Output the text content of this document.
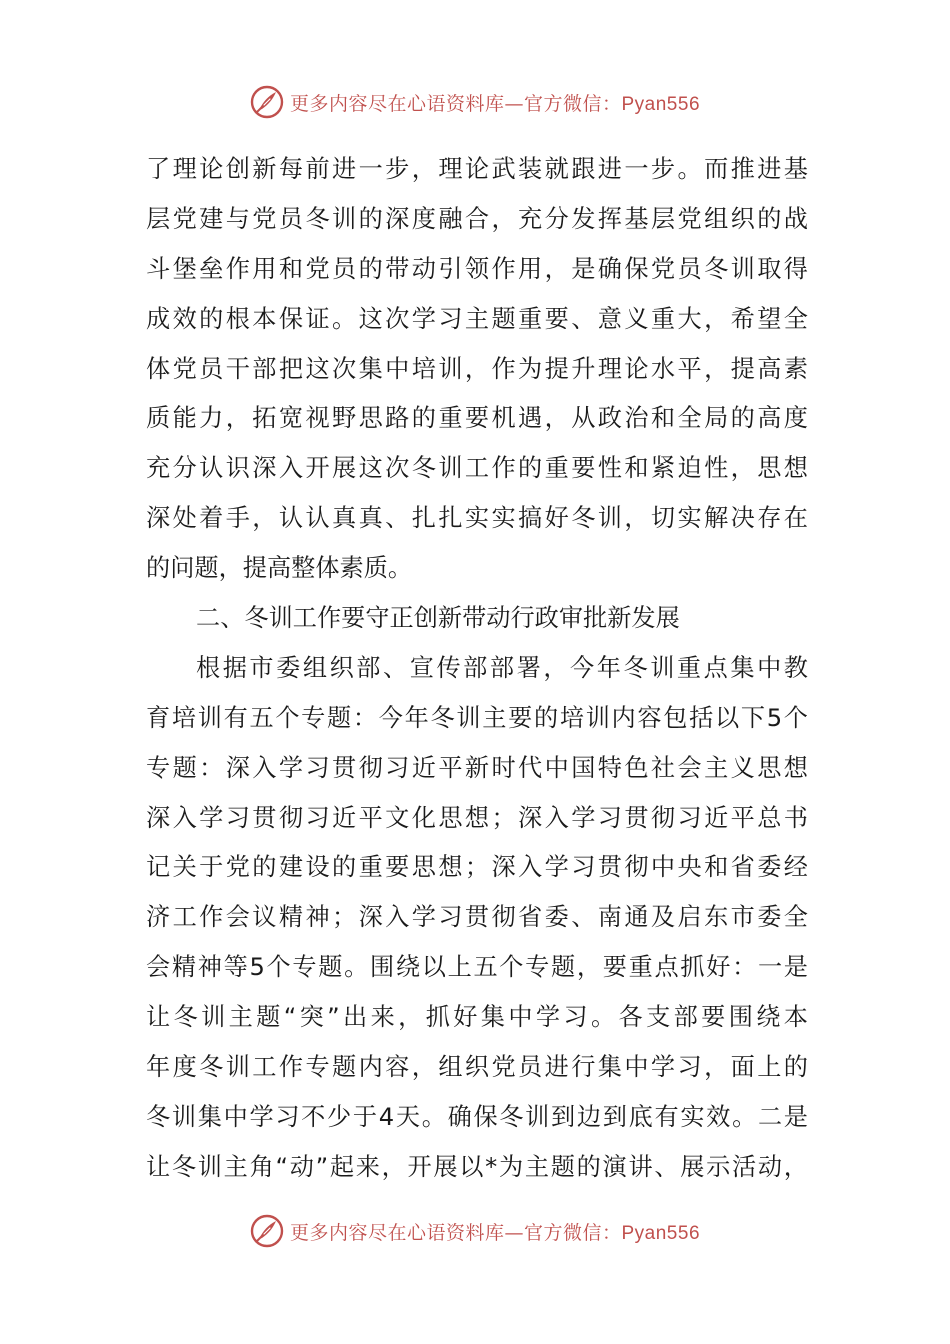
更多内容尽在心语资料库—官方微信：Pyan556
了理论创新每前进一步，理论武装就跟进一步。而推进基
层党建与党员冬训的深度融合，充分发挥基层党组织的战
斗堡垒作用和党员的带动引领作用，是确保党员冬训取得
成效的根本保证。这次学习主题重要、意义重大，希望全
体党员干部把这次集中培训，作为提升理论水平，提高素
质能力，拓宽视野思路的重要机遇，从政治和全局的高度
充分认识深入开展这次冬训工作的重要性和紧迫性，思想
深处着手，认认真真、扎扎实实搞好冬训，切实解决存在
的问题，提高整体素质。
二、冬训工作要守正创新带动行政审批新发展
根据市委组织部、宣传部部署，今年冬训重点集中教
育培训有五个专题：今年冬训主要的培训内容包括以下5个
专题：深入学习贯彻习近平新时代中国特色社会主义思想
深入学习贯彻习近平文化思想；深入学习贯彻习近平总书
记关于党的建设的重要思想；深入学习贯彻中央和省委经
济工作会议精神；深入学习贯彻省委、南通及启东市委全
会精神等5个专题。围绕以上五个专题，要重点抓好：一是
让冬训主题“突”出来，抓好集中学习。各支部要围绕本
年度冬训工作专题内容，组织党员进行集中学习，面上的
冬训集中学习不少于4天。确保冬训到边到底有实效。二是
让冬训主角“动”起来，开展以*为主题的演讲、展示活动，
更多内容尽在心语资料库—官方微信：Pyan556
